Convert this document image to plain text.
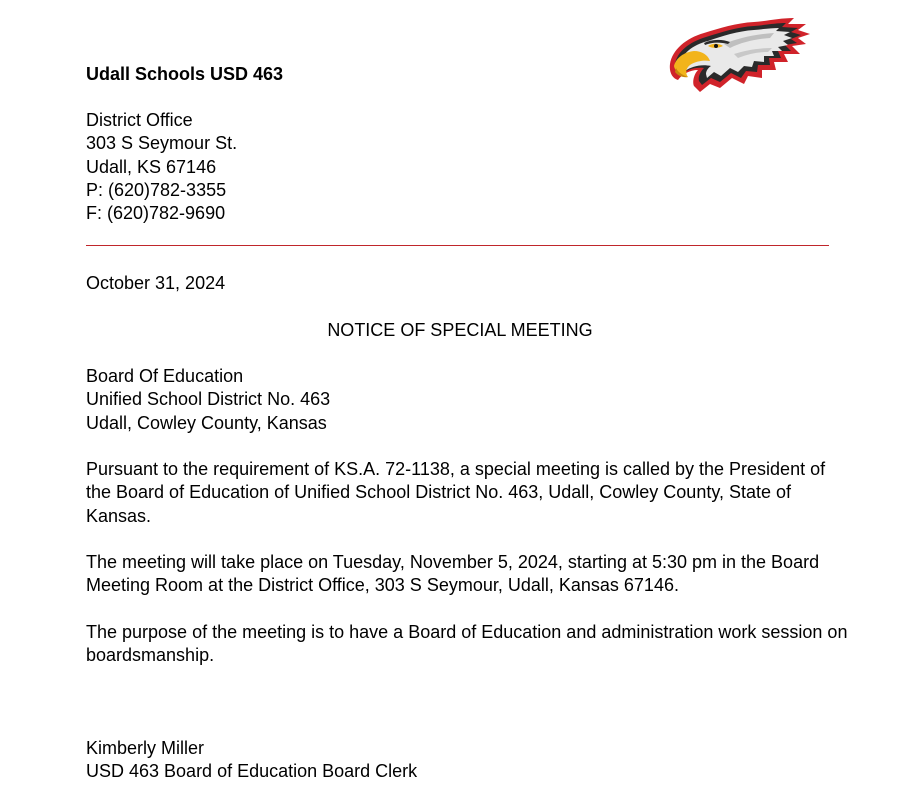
Udall Schools USD 463
District Office
303 S Seymour St.
Udall, KS 67146
P: (620)782-3355
F: (620)782-9690
October 31, 2024
NOTICE OF SPECIAL MEETING
Board Of Education
Unified School District No. 463
Udall, Cowley County, Kansas
Pursuant to the requirement of KS.A. 72-1138, a special meeting is called by the President of
the Board of Education of Unified School District No. 463, Udall, Cowley County, State of
Kansas.
The meeting will take place on Tuesday, November 5, 2024, starting at 5:30 pm in the Board
Meeting Room at the District Office, 303 S Seymour, Udall, Kansas 67146.
The purpose of the meeting is to have a Board of Education and administration work session on
boardsmanship.
Kimberly Miller
USD 463 Board of Education Board Clerk
